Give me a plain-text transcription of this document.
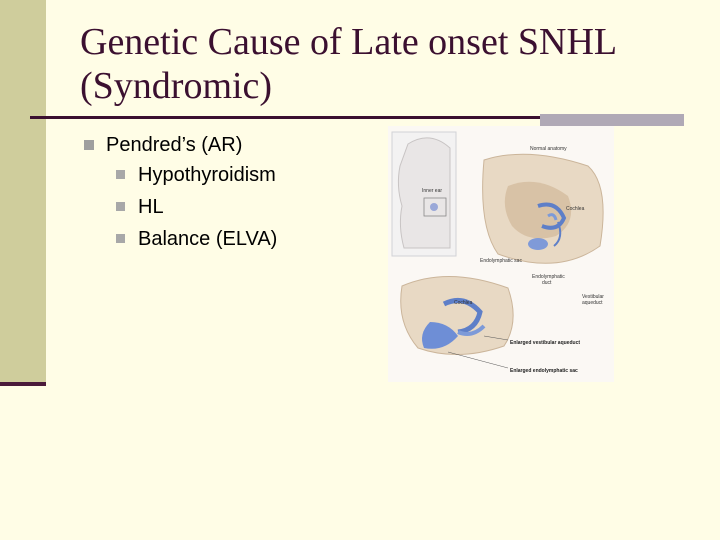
Genetic Cause of Late onset SNHL
(Syndromic)
Pendred’s (AR)
Hypothyroidism
HL
Balance (ELVA)
Inner ear
Normal anatomy
Cochlea
Endolymphatic sac
Endolymphatic
duct
Vestibular
aqueduct
Cochlea
Enlarged vestibular aqueduct
Enlarged endolymphatic sac
